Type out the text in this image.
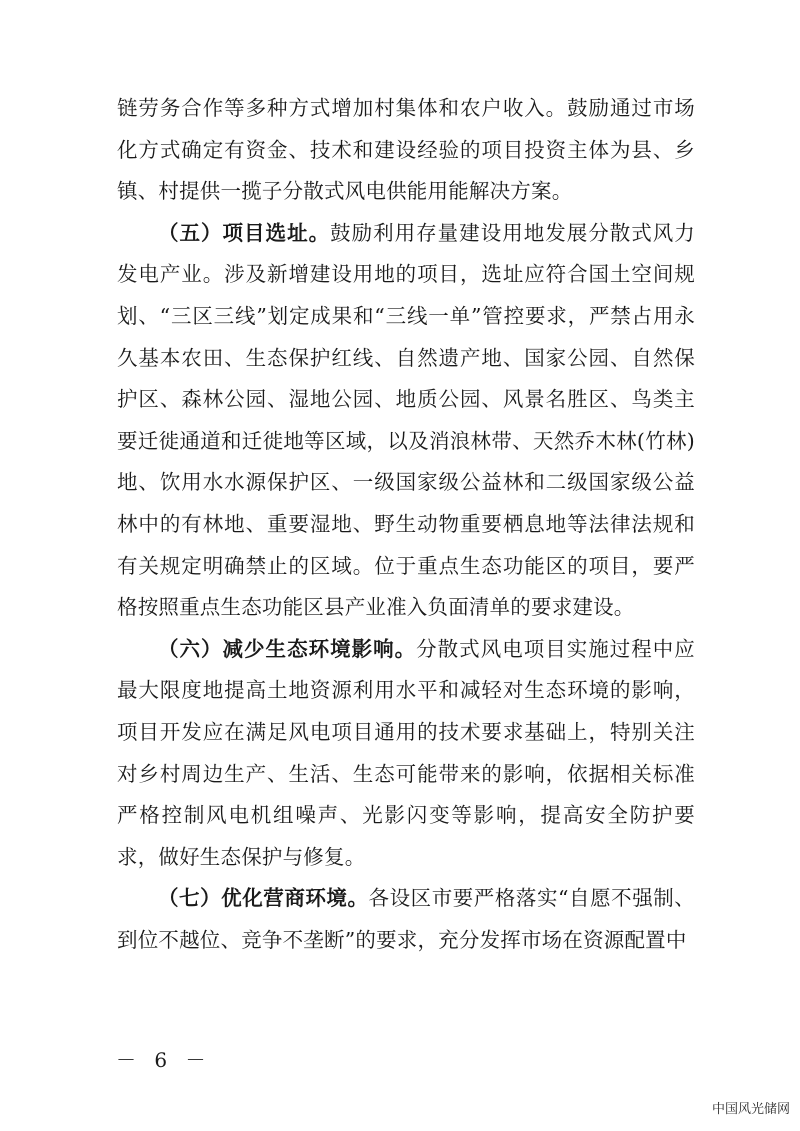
链劳务合作等多种方式增加村集体和农户收入。鼓励通过市场化方式确定有资金、技术和建设经验的项目投资主体为县、乡镇、村提供一揽子分散式风电供能用能解决方案。

（五）项目选址。鼓励利用存量建设用地发展分散式风力发电产业。涉及新增建设用地的项目，选址应符合国土空间规划、“三区三线”划定成果和“三线一单”管控要求，严禁占用永久基本农田、生态保护红线、自然遗产地、国家公园、自然保护区、森林公园、湿地公园、地质公园、风景名胜区、鸟类主要迁徙通道和迁徙地等区域，以及消浪林带、天然乔木林(竹林)地、饮用水水源保护区、一级国家级公益林和二级国家级公益林中的有林地、重要湿地、野生动物重要栖息地等法律法规和有关规定明确禁止的区域。位于重点生态功能区的项目，要严格按照重点生态功能区县产业准入负面清单的要求建设。

（六）减少生态环境影响。分散式风电项目实施过程中应最大限度地提高土地资源利用水平和减轻对生态环境的影响，项目开发应在满足风电项目通用的技术要求基础上，特别关注对乡村周边生产、生活、生态可能带来的影响，依据相关标准严格控制风电机组噪声、光影闪变等影响，提高安全防护要求，做好生态保护与修复。

（七）优化营商环境。各设区市要严格落实“自愿不强制、到位不越位、竞争不垄断”的要求，充分发挥市场在资源配置中

－ 6 －
中国风光储网
